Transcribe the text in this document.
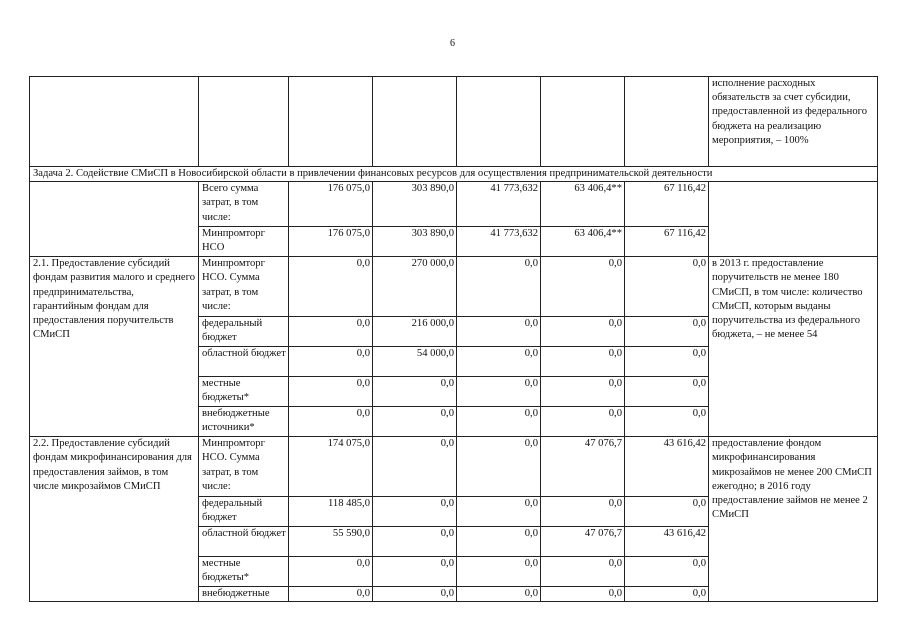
6
							исполнение расходных обязательств за счет субсидии, предоставленной из федерального бюджета на реализацию мероприятия, – 100%
Задача 2. Содействие СМиСП в Новосибирской области в привлечении финансовых ресурсов для осуществления предпринимательской деятельности							
	Всего сумма затрат, в том числе:	176 075,0	303 890,0	41 773,632	63 406,4**	67 116,42	
	Минпромторг НСО	176 075,0	303 890,0	41 773,632	63 406,4**	67 116,42	
2.1. Предоставление субсидий фондам развития малого и среднего предпринимательства, гарантийным фондам для предоставления поручительств СМиСП	Минпромторг НСО. Сумма затрат, в том числе:	0,0	270 000,0	0,0	0,0	0,0	в 2013 г. предоставление поручительств не менее 180 СМиСП, в том числе: количество СМиСП, которым выданы поручительства из федерального бюджета, – не менее 54
	федеральный бюджет	0,0	216 000,0	0,0	0,0	0,0	
	областной бюджет	0,0	54 000,0	0,0	0,0	0,0	
	местные бюджеты*	0,0	0,0	0,0	0,0	0,0	
	внебюджетные источники*	0,0	0,0	0,0	0,0	0,0	
2.2. Предоставление субсидий фондам микрофинансирования для предоставления займов, в том числе микрозаймов СМиСП	Минпромторг НСО. Сумма затрат, в том числе:	174 075,0	0,0	0,0	47 076,7	43 616,42	предоставление фондом микрофинансирования микрозаймов не менее 200 СМиСП ежегодно; в 2016 году предоставление займов не менее 2 СМиСП
	федеральный бюджет	118 485,0	0,0	0,0	0,0	0,0	
	областной бюджет	55 590,0	0,0	0,0	47 076,7	43 616,42	
	местные бюджеты*	0,0	0,0	0,0	0,0	0,0	
	внебюджетные	0,0	0,0	0,0	0,0	0,0	
